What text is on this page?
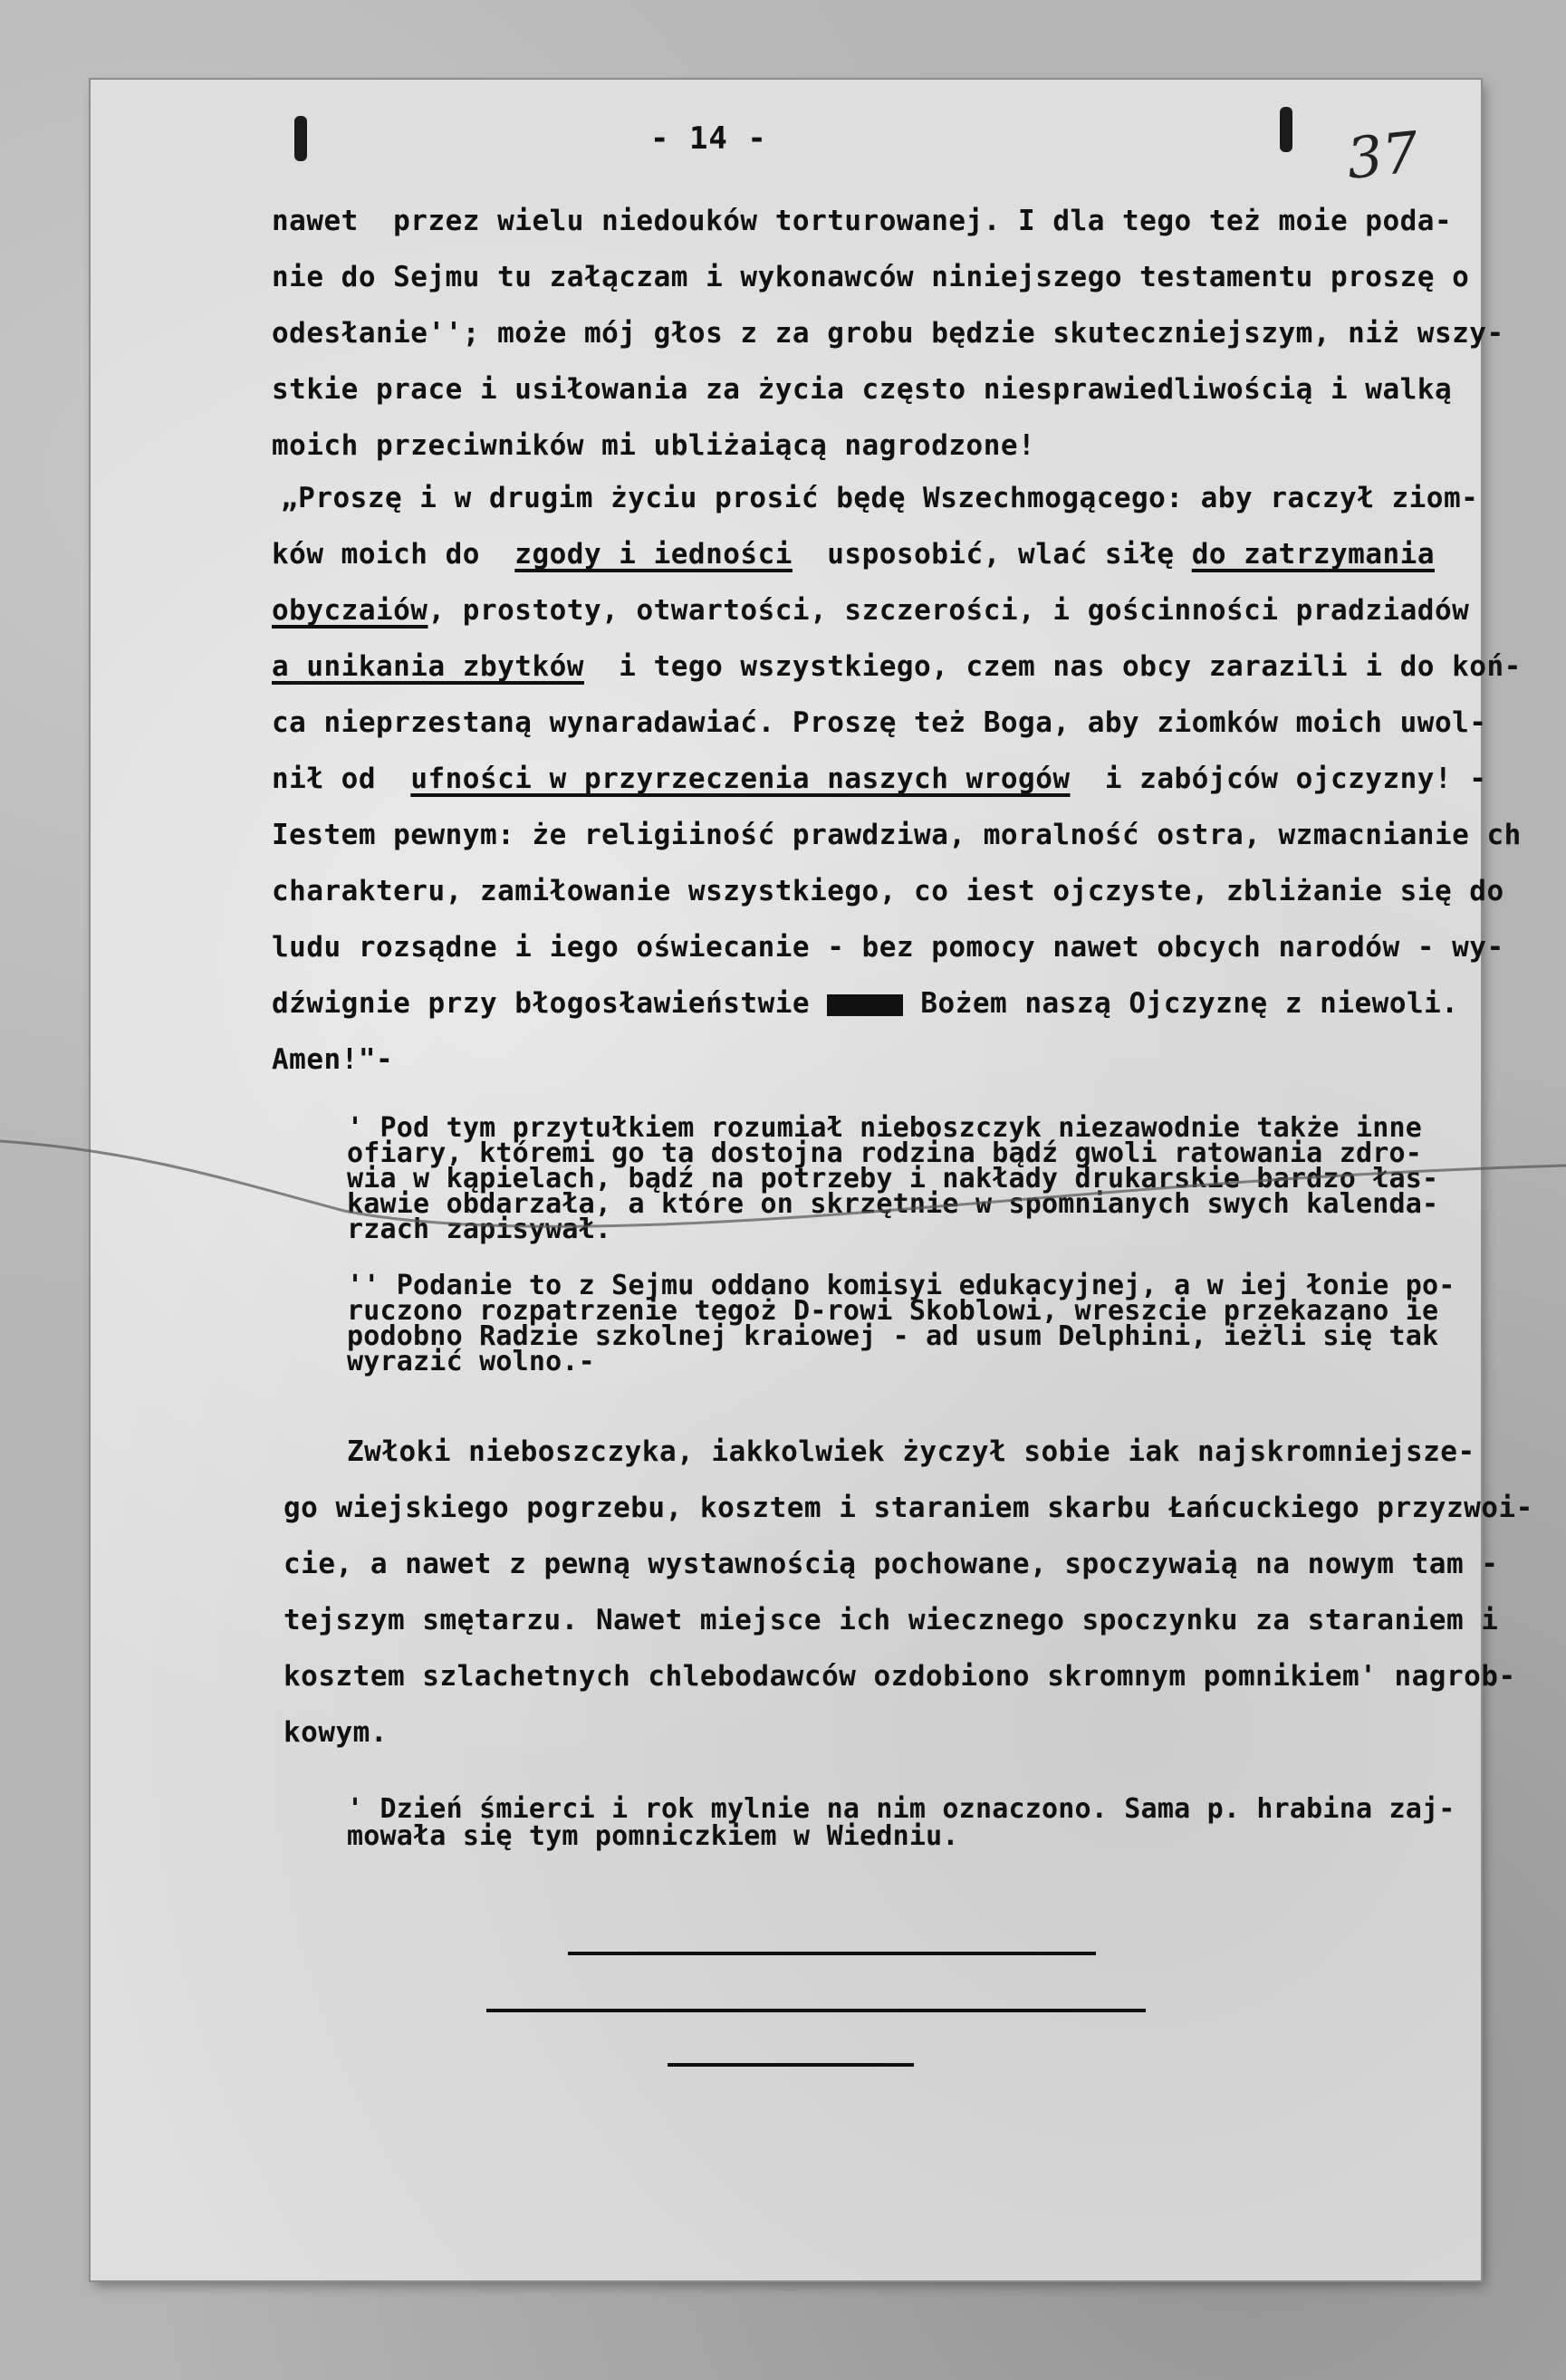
- 14 -	37
nawet  przez wielu niedouków torturowanej. I dla tego też moie poda-
nie do Sejmu tu załączam i wykonawców niniejszego testamentu proszę o
odesłanie''; może mój głos z za grobu będzie skuteczniejszym, niż wszy-
stkie prace i usiłowania za życia często niesprawiedliwością i walką
moich przeciwników mi ubliżaiącą nagrodzone!
„Proszę i w drugim życiu prosić będę Wszechmogącego: aby raczył ziom-
ków moich do  zgody i iedności  usposobić, wlać siłę do zatrzymania
obyczaiów, prostoty, otwartości, szczerości, i gościnności pradziadów
a unikania zbytków  i tego wszystkiego, czem nas obcy zarazili i do koń-
ca nieprzestaną wynaradawiać. Proszę też Boga, aby ziomków moich uwol-
nił od  ufności w przyrzeczenia naszych wrogów  i zabójców ojczyzny! -
Iestem pewnym: że religiiność prawdziwa, moralność ostra, wzmacnianie ch
charakteru, zamiłowanie wszystkiego, co iest ojczyste, zbliżanie się do
ludu rozsądne i iego oświecanie - bez pomocy nawet obcych narodów - wy-
dźwignie przy błogosławieństwie	Bożem naszą Ojczyznę z niewoli.
Amen!"-
' Pod tym przytułkiem rozumiał nieboszczyk niezawodnie także inne
ofiary, któremi go ta dostojna rodzina bądź gwoli ratowania zdro-
wia w kąpielach, bądź na potrzeby i nakłady drukarskie bardzo łas-
kawie obdarzała, a które on skrzętnie w spomnianych swych kalenda-
rzach zapisywał.
'' Podanie to z Sejmu oddano komisyi edukacyjnej, a w iej łonie po-
ruczono rozpatrzenie tegoż D-rowi Skoblowi, wreszcie przekazano ie
podobno Radzie szkolnej kraiowej - ad usum Delphini, ieżli się tak
wyrazić wolno.-
Zwłoki nieboszczyka, iakkolwiek życzył sobie iak najskromniejsze-
go wiejskiego pogrzebu, kosztem i staraniem skarbu Łańcuckiego przyzwoi-
cie, a nawet z pewną wystawnością pochowane, spoczywaią na nowym tam -
tejszym smętarzu. Nawet miejsce ich wiecznego spoczynku za staraniem i
kosztem szlachetnych chlebodawców ozdobiono skromnym pomnikiem' nagrob-
kowym.
' Dzień śmierci i rok mylnie na nim oznaczono. Sama p. hrabina zaj-
mowała się tym pomniczkiem w Wiedniu.
